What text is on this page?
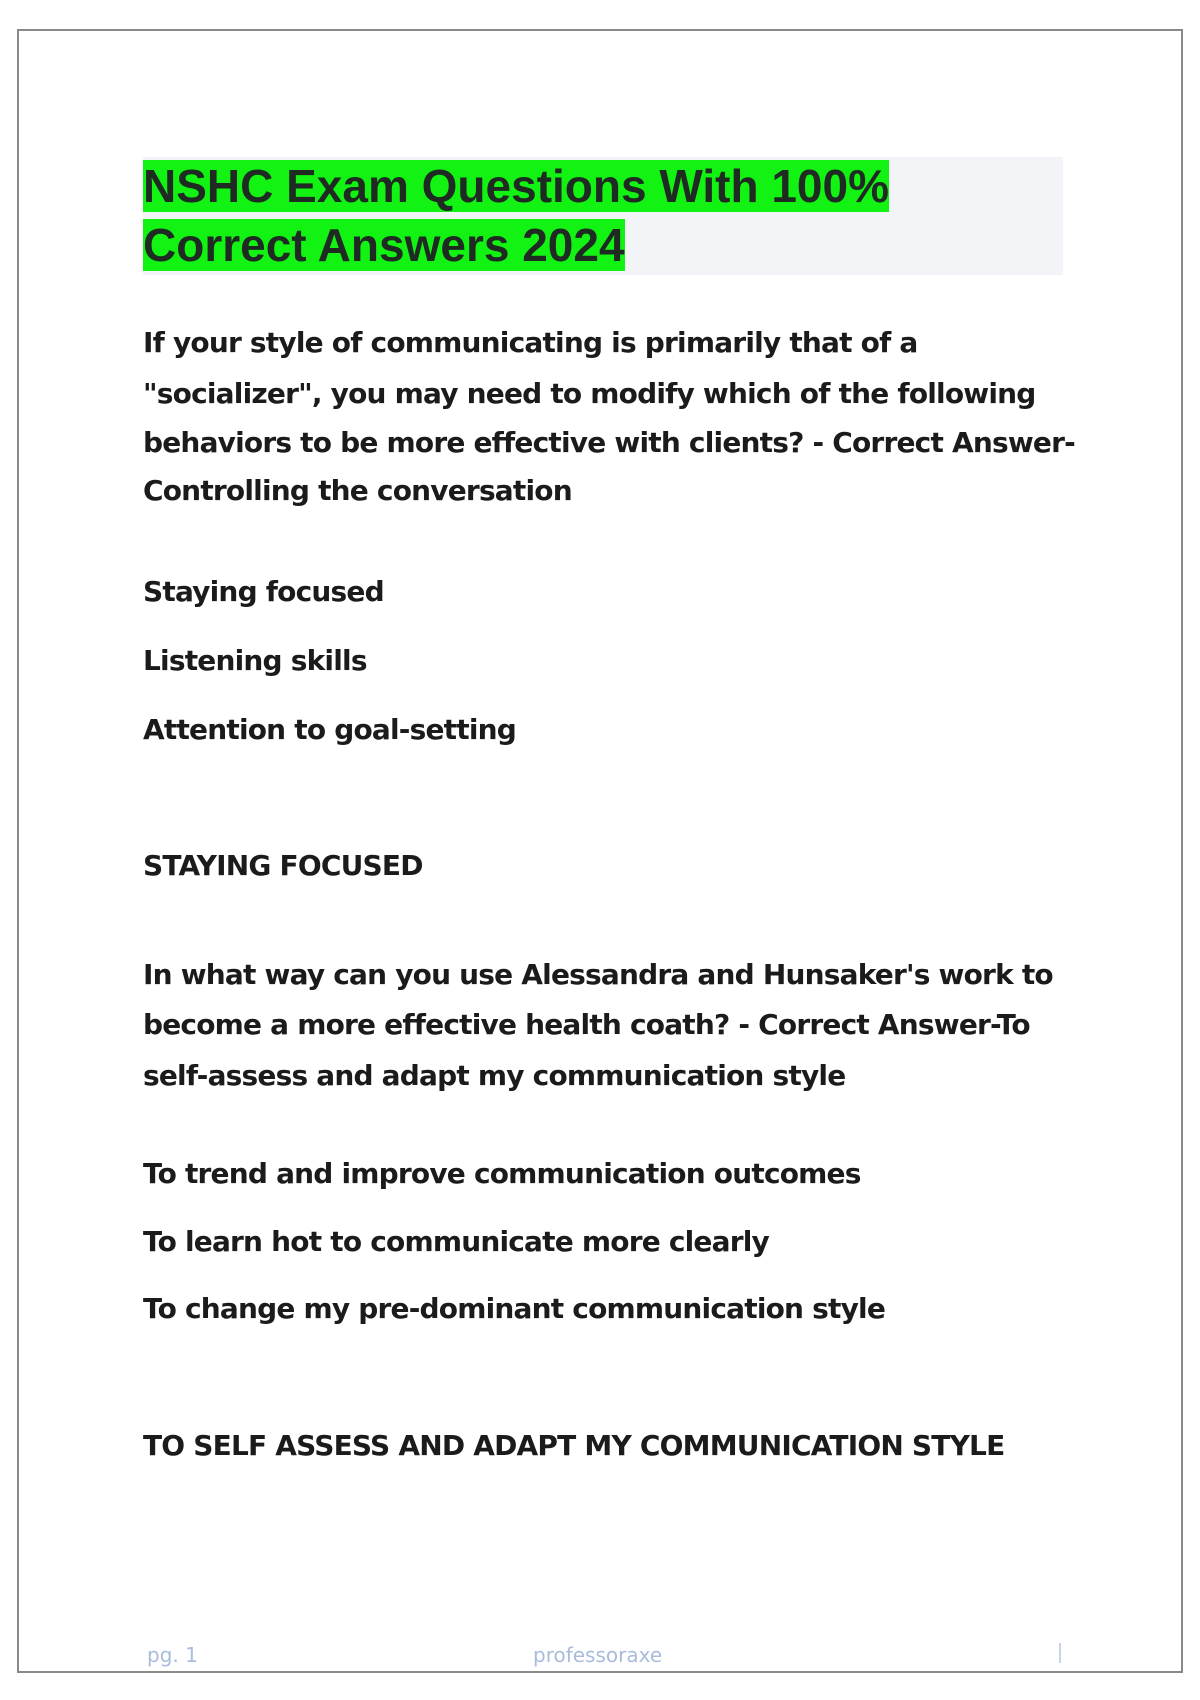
NSHC Exam Questions With 100%
Correct Answers 2024

If your style of communicating is primarily that of a

"socializer", you may need to modify which of the following

behaviors to be more effective with clients? - Correct Answer-

Controlling the conversation

Staying focused

Listening skills

Attention to goal-setting

STAYING FOCUSED

In what way can you use Alessandra and Hunsaker's work to

become a more effective health coath? - Correct Answer-To

self-assess and adapt my communication style

To trend and improve communication outcomes

To learn hot to communicate more clearly

To change my pre-dominant communication style

TO SELF ASSESS AND ADAPT MY COMMUNICATION STYLE

pg. 1	professoraxe
